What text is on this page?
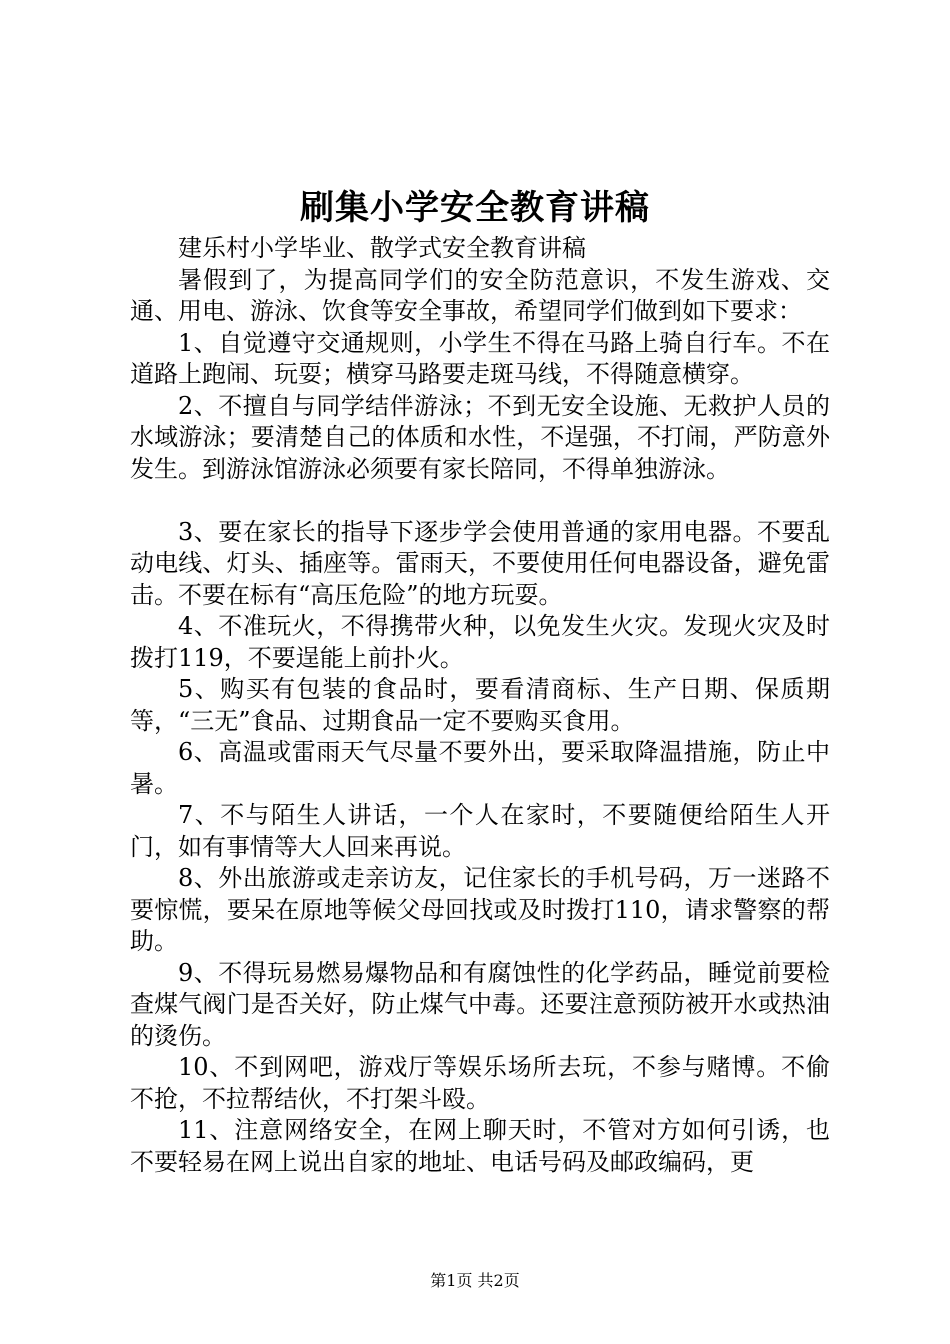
刷集小学安全教育讲稿

建乐村小学毕业、散学式安全教育讲稿

暑假到了，为提高同学们的安全防范意识，不发生游戏、交通、用电、游泳、饮食等安全事故，希望同学们做到如下要求：

1、自觉遵守交通规则，小学生不得在马路上骑自行车。不在道路上跑闹、玩耍；横穿马路要走斑马线，不得随意横穿。

2、不擅自与同学结伴游泳；不到无安全设施、无救护人员的水域游泳；要清楚自己的体质和水性，不逞强，不打闹，严防意外发生。到游泳馆游泳必须要有家长陪同，不得单独游泳。

3、要在家长的指导下逐步学会使用普通的家用电器。不要乱动电线、灯头、插座等。雷雨天，不要使用任何电器设备，避免雷击。不要在标有“高压危险”的地方玩耍。

4、不准玩火，不得携带火种，以免发生火灾。发现火灾及时拨打119，不要逞能上前扑火。

5、购买有包装的食品时，要看清商标、生产日期、保质期等，“三无”食品、过期食品一定不要购买食用。

6、高温或雷雨天气尽量不要外出，要采取降温措施，防止中暑。

7、不与陌生人讲话，一个人在家时，不要随便给陌生人开门，如有事情等大人回来再说。

8、外出旅游或走亲访友，记住家长的手机号码，万一迷路不要惊慌，要呆在原地等候父母回找或及时拨打110，请求警察的帮助。

9、不得玩易燃易爆物品和有腐蚀性的化学药品，睡觉前要检查煤气阀门是否关好，防止煤气中毒。还要注意预防被开水或热油的烫伤。

10、不到网吧，游戏厅等娱乐场所去玩，不参与赌博。不偷不抢，不拉帮结伙，不打架斗殴。

11、注意网络安全，在网上聊天时，不管对方如何引诱，也不要轻易在网上说出自家的地址、电话号码及邮政编码，更

第1页 共2页
